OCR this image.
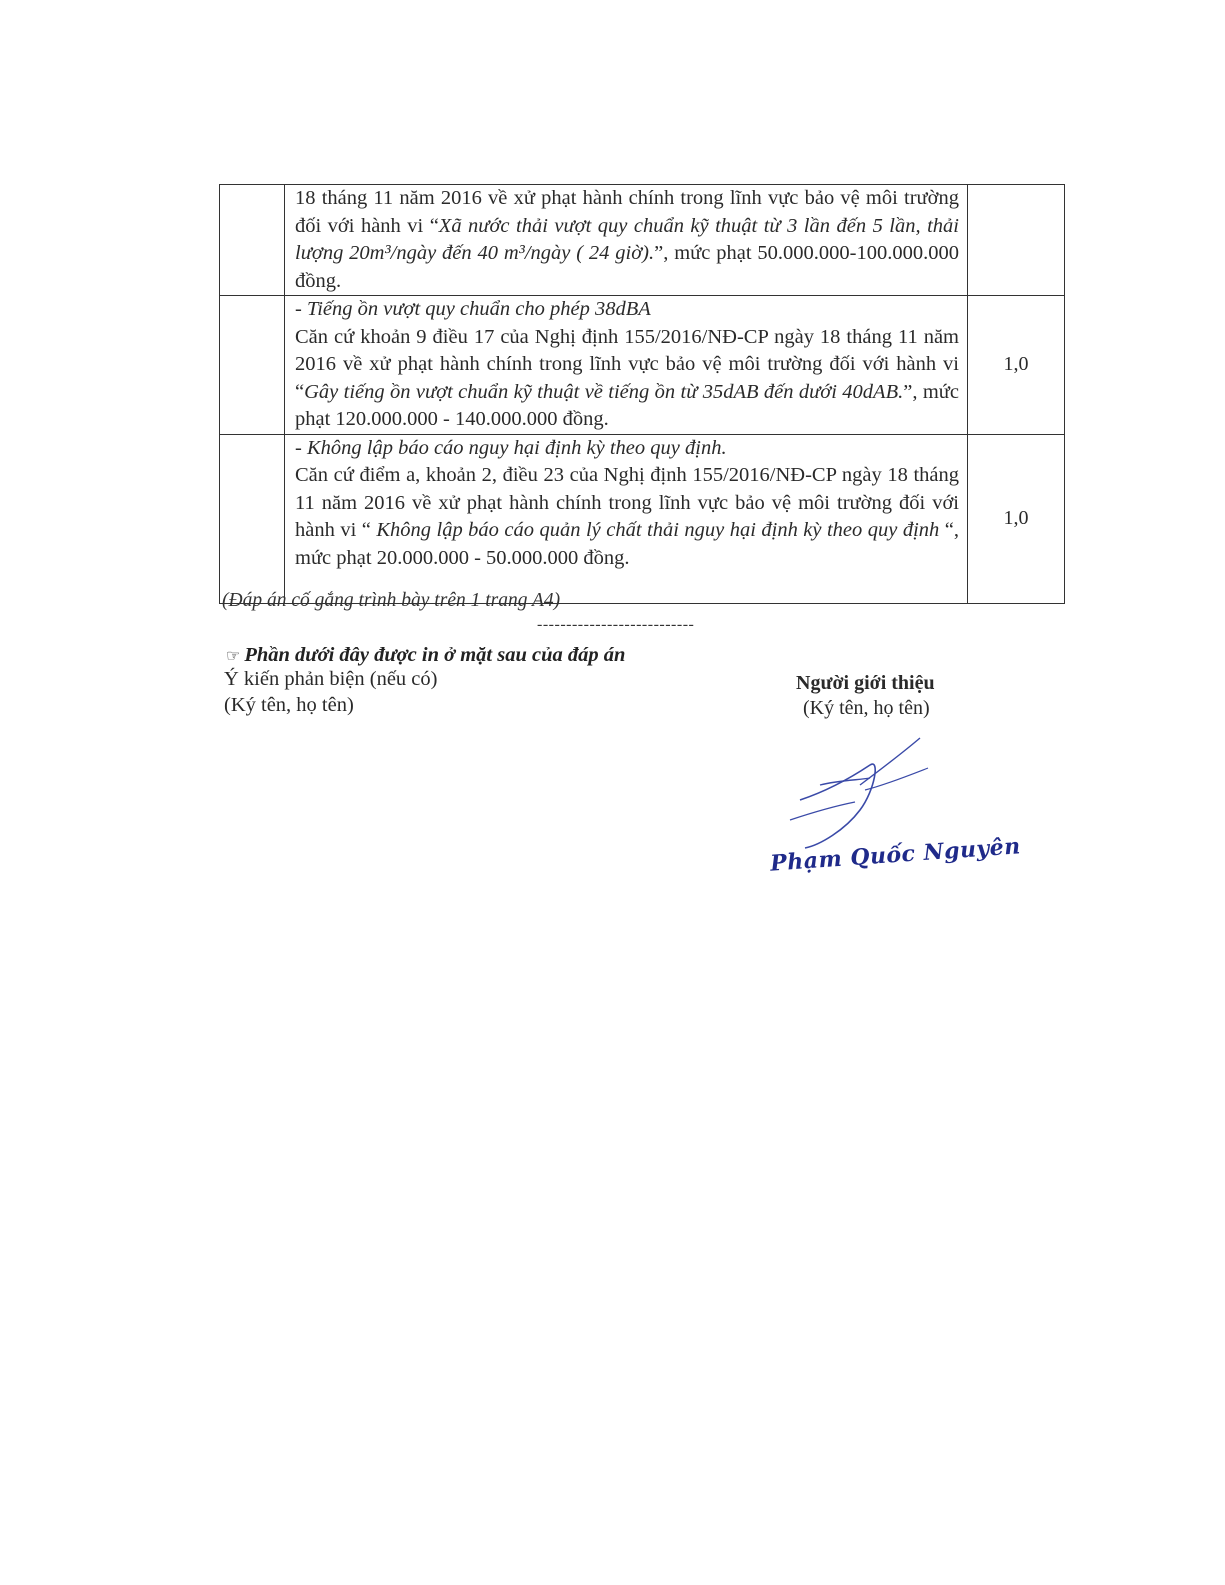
	18 tháng 11 năm 2016 về xử phạt hành chính trong lĩnh vực bảo vệ môi trường đối với hành vi “Xã nước thải vượt quy chuẩn kỹ thuật từ 3 lần đến 5 lần, thải lượng 20m³/ngày đến 40 m³/ngày ( 24 giờ).”, mức phạt 50.000.000-100.000.000 đồng.	
	- Tiếng ồn vượt quy chuẩn cho phép 38dBA
Căn cứ khoản 9 điều 17 của Nghị định 155/2016/NĐ-CP ngày 18 tháng 11 năm 2016 về xử phạt hành chính trong lĩnh vực bảo vệ môi trường đối với hành vi “Gây tiếng ồn vượt chuẩn kỹ thuật về tiếng ồn từ 35dAB đến dưới 40dAB.”, mức phạt 120.000.000 - 140.000.000 đồng.	1,0
	- Không lập báo cáo nguy hại định kỳ theo quy định.
Căn cứ điểm a, khoản 2, điều 23 của Nghị định 155/2016/NĐ-CP ngày 18 tháng 11 năm 2016 về xử phạt hành chính trong lĩnh vực bảo vệ môi trường đối với hành vi “ Không lập báo cáo quản lý chất thải nguy hại định kỳ theo quy định “, mức phạt 20.000.000 - 50.000.000 đồng.	1,0
(Đáp án cố gắng trình bày trên 1 trang A4)
---------------------------
☞ Phần dưới đây được in ở mặt sau của đáp án
Ý kiến phản biện (nếu có)
(Ký tên, họ tên)
Người giới thiệu
(Ký tên, họ tên)
Phạm Quốc Nguyên
